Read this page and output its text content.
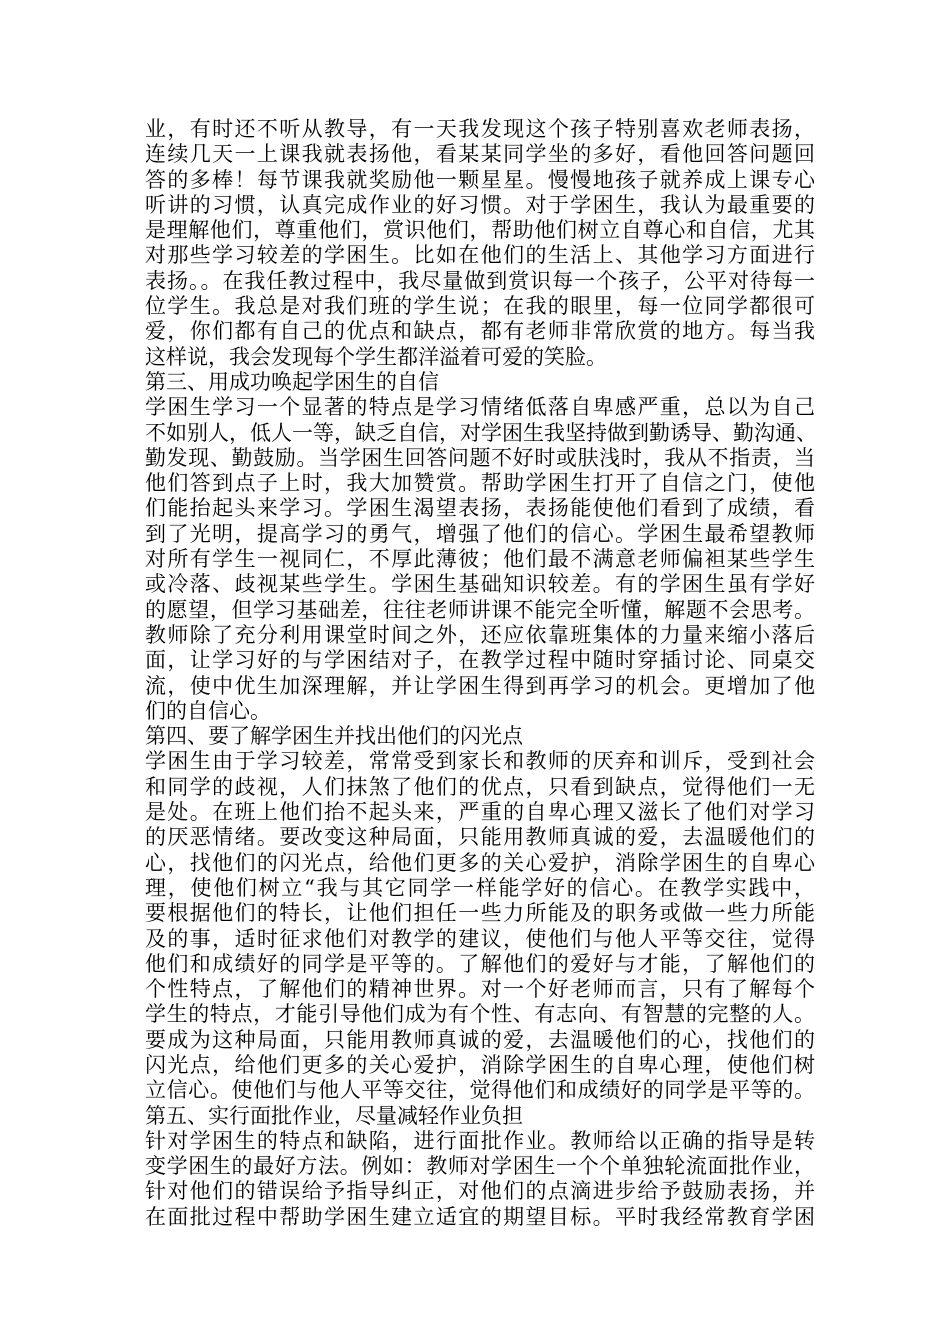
业，有时还不听从教导，有一天我发现这个孩子特别喜欢老师表扬，
连续几天一上课我就表扬他，看某某同学坐的多好，看他回答问题回
答的多棒！每节课我就奖励他一颗星星。慢慢地孩子就养成上课专心
听讲的习惯，认真完成作业的好习惯。对于学困生，我认为最重要的
是理解他们，尊重他们，赏识他们，帮助他们树立自尊心和自信，尤其
对那些学习较差的学困生。比如在他们的生活上、其他学习方面进行
表扬。。在我任教过程中，我尽量做到赏识每一个孩子，公平对待每一
位学生。我总是对我们班的学生说；在我的眼里，每一位同学都很可
爱，你们都有自己的优点和缺点，都有老师非常欣赏的地方。每当我
这样说，我会发现每个学生都洋溢着可爱的笑脸。
第三、用成功唤起学困生的自信
学困生学习一个显著的特点是学习情绪低落自卑感严重，总以为自己
不如别人，低人一等，缺乏自信，对学困生我坚持做到勤诱导、勤沟通、
勤发现、勤鼓励。当学困生回答问题不好时或肤浅时，我从不指责，当
他们答到点子上时，我大加赞赏。帮助学困生打开了自信之门，使他
们能抬起头来学习。学困生渴望表扬，表扬能使他们看到了成绩，看
到了光明，提高学习的勇气，增强了他们的信心。学困生最希望教师
对所有学生一视同仁，不厚此薄彼；他们最不满意老师偏袒某些学生
或冷落、歧视某些学生。学困生基础知识较差。有的学困生虽有学好
的愿望，但学习基础差，往往老师讲课不能完全听懂，解题不会思考。
教师除了充分利用课堂时间之外，还应依靠班集体的力量来缩小落后
面，让学习好的与学困结对子，在教学过程中随时穿插讨论、同桌交
流，使中优生加深理解，并让学困生得到再学习的机会。更增加了他
们的自信心。
第四、要了解学困生并找出他们的闪光点
学困生由于学习较差，常常受到家长和教师的厌弃和训斥，受到社会
和同学的歧视，人们抹煞了他们的优点，只看到缺点，觉得他们一无
是处。在班上他们抬不起头来，严重的自卑心理又滋长了他们对学习
的厌恶情绪。要改变这种局面，只能用教师真诚的爱，去温暖他们的
心，找他们的闪光点，给他们更多的关心爱护，消除学困生的自卑心
理，使他们树立“我与其它同学一样能学好的信心。在教学实践中，
要根据他们的特长，让他们担任一些力所能及的职务或做一些力所能
及的事，适时征求他们对教学的建议，使他们与他人平等交往，觉得
他们和成绩好的同学是平等的。了解他们的爱好与才能，了解他们的
个性特点，了解他们的精神世界。对一个好老师而言，只有了解每个
学生的特点，才能引导他们成为有个性、有志向、有智慧的完整的人。
要成为这种局面，只能用教师真诚的爱，去温暖他们的心，找他们的
闪光点，给他们更多的关心爱护，消除学困生的自卑心理，使他们树
立信心。使他们与他人平等交往，觉得他们和成绩好的同学是平等的。
第五、实行面批作业，尽量减轻作业负担
针对学困生的特点和缺陷，进行面批作业。教师给以正确的指导是转
变学困生的最好方法。例如：教师对学困生一个个单独轮流面批作业，
针对他们的错误给予指导纠正，对他们的点滴进步给予鼓励表扬，并
在面批过程中帮助学困生建立适宜的期望目标。平时我经常教育学困
